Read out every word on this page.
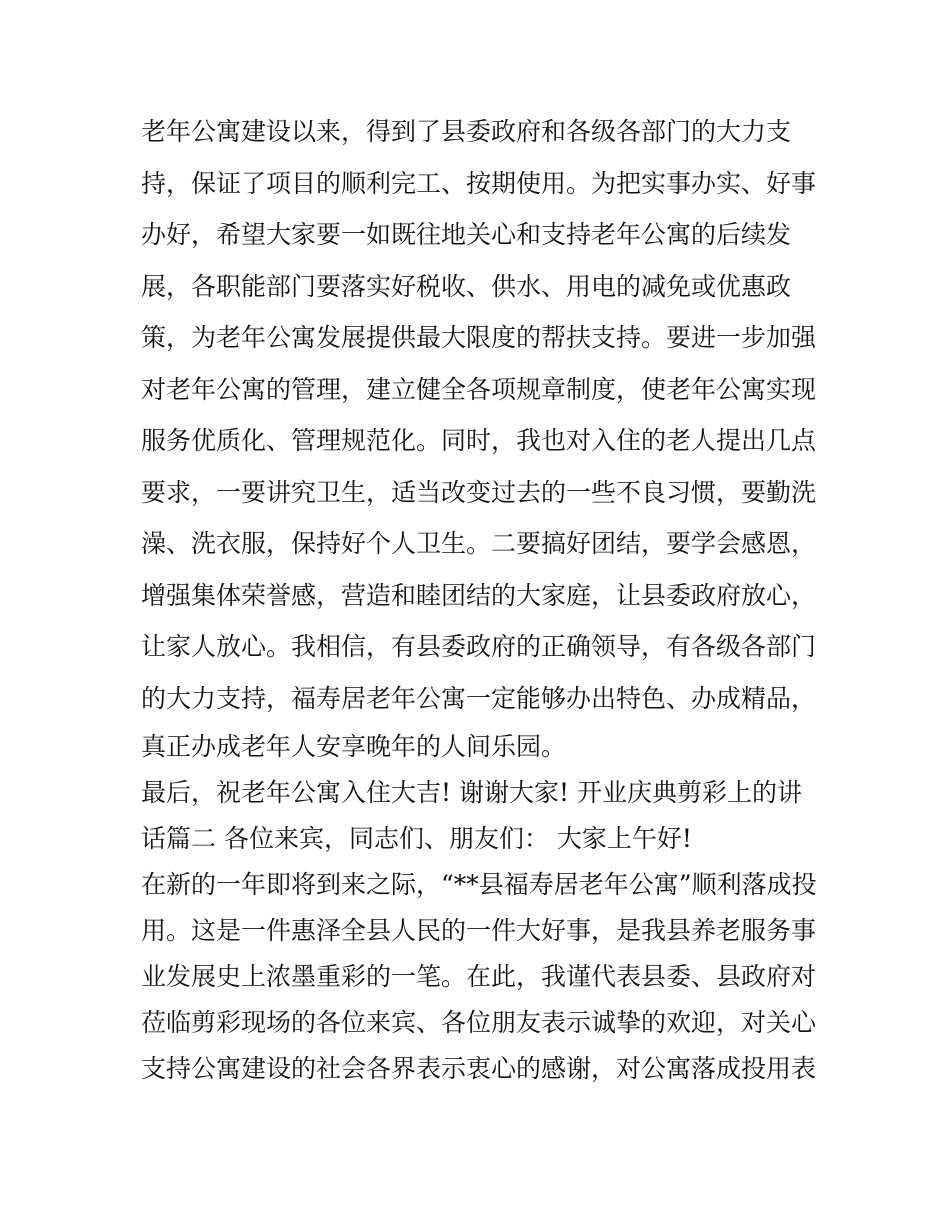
老年公寓建设以来，得到了县委政府和各级各部门的大力支
持，保证了项目的顺利完工、按期使用。为把实事办实、好事
办好，希望大家要一如既往地关心和支持老年公寓的后续发
展，各职能部门要落实好税收、供水、用电的减免或优惠政
策，为老年公寓发展提供最大限度的帮扶支持。要进一步加强
对老年公寓的管理，建立健全各项规章制度，使老年公寓实现
服务优质化、管理规范化。同时，我也对入住的老人提出几点
要求，一要讲究卫生，适当改变过去的一些不良习惯，要勤洗
澡、洗衣服，保持好个人卫生。二要搞好团结，要学会感恩，
增强集体荣誉感，营造和睦团结的大家庭，让县委政府放心，
让家人放心。我相信，有县委政府的正确领导，有各级各部门
的大力支持，福寿居老年公寓一定能够办出特色、办成精品，
真正办成老年人安享晚年的人间乐园。
最后，祝老年公寓入住大吉! 谢谢大家! 开业庆典剪彩上的讲
话篇二 各位来宾，同志们、朋友们： 大家上午好!
在新的一年即将到来之际，“**县福寿居老年公寓”顺利落成投
用。这是一件惠泽全县人民的一件大好事，是我县养老服务事
业发展史上浓墨重彩的一笔。在此，我谨代表县委、县政府对
莅临剪彩现场的各位来宾、各位朋友表示诚挚的欢迎，对关心
支持公寓建设的社会各界表示衷心的感谢，对公寓落成投用表
